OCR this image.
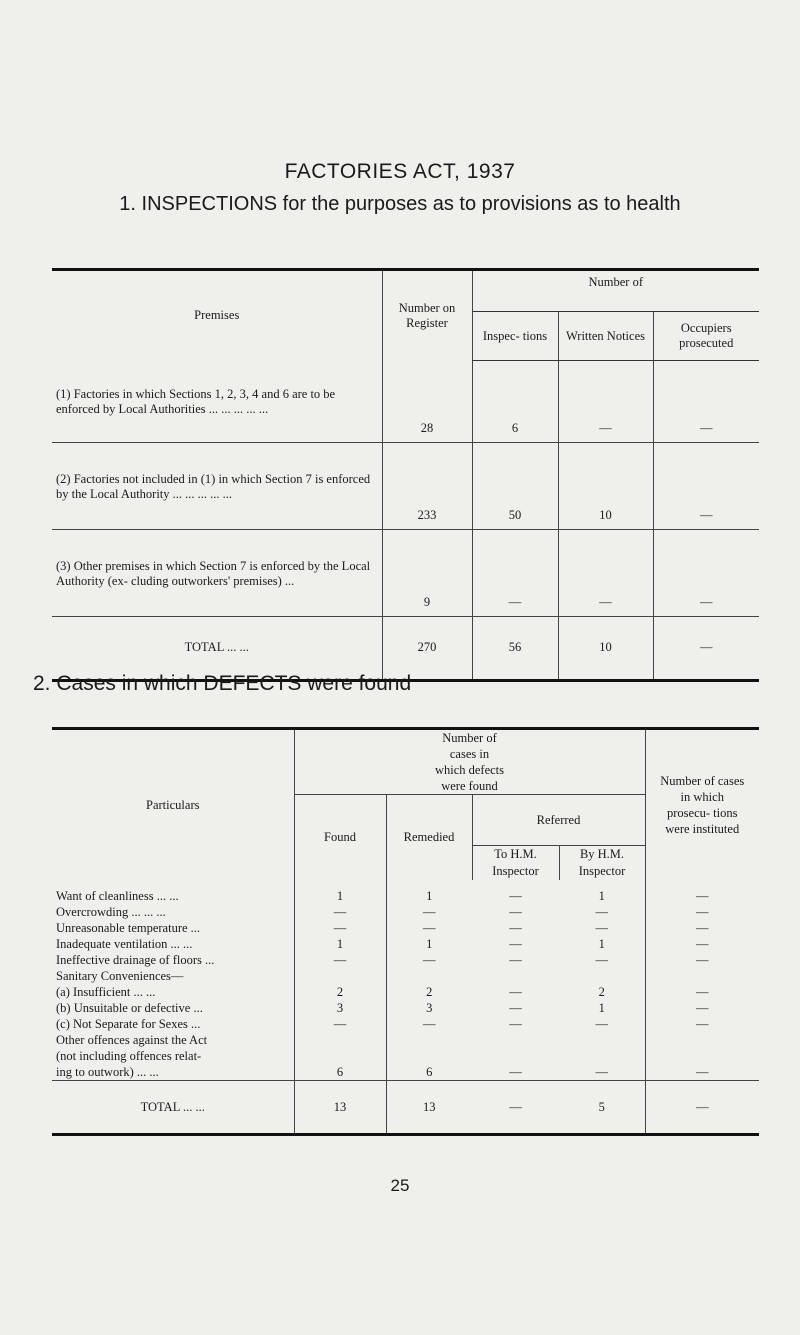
FACTORIES ACT, 1937
1. INSPECTIONS for the purposes as to provisions as to health
Premises	Number on Register	Number of		
		Inspec- tions	Written Notices	Occupiers prosecuted
(1) Factories in which Sections 1, 2, 3, 4 and 6 are to be enforced by Local Authorities ... ... ... ... ...	28	6	—	—
(2) Factories not included in (1) in which Section 7 is enforced by the Local Authority ... ... ... ... ...	233	50	10	—
(3) Other premises in which Section 7 is enforced by the Local Authority (ex- cluding outworkers' premises) ...	9	—	—	—
TOTAL ... ...	270	56	10	—
2. Cases in which DEFECTS were found
Particulars	Number of cases in which defects were found				Number of cases in which prosecu- tions were instituted
	Found	Remedied	Referred		
			To H.M. Inspector	By H.M. Inspector	
Want of cleanliness ... ...	1	1	—	1	—
Overcrowding ... ... ...	—	—	—	—	—
Unreasonable temperature ...	—	—	—	—	—
Inadequate ventilation ... ...	1	1	—	1	—
Ineffective drainage of floors ...	—	—	—	—	—
Sanitary Conveniences—					
(a) Insufficient ... ...	2	2	—	2	—
(b) Unsuitable or defective ...	3	3	—	1	—
(c) Not Separate for Sexes ...	—	—	—	—	—
Other offences against the Act					
(not including offences relat-					
ing to outwork) ... ...	6	6	—	—	—
TOTAL ... ...	13	13	—	5	—
25
